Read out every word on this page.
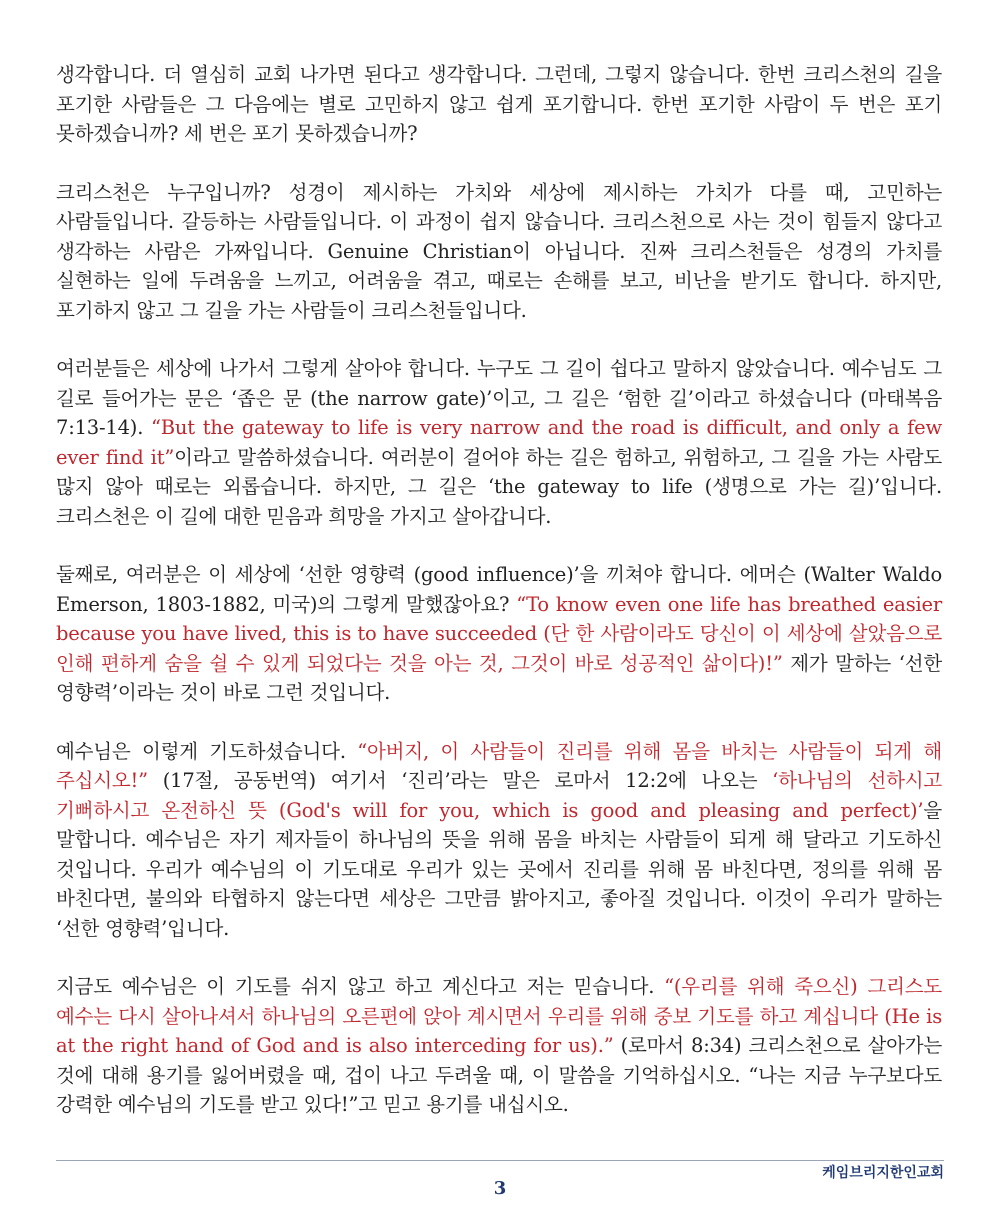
생각합니다. 더 열심히 교회 나가면 된다고 생각합니다. 그런데, 그렇지 않습니다. 한번 크리스천의 길을 포기한 사람들은 그 다음에는 별로 고민하지 않고 쉽게 포기합니다. 한번 포기한 사람이 두 번은 포기 못하겠습니까? 세 번은 포기 못하겠습니까?

크리스천은 누구입니까? 성경이 제시하는 가치와 세상에 제시하는 가치가 다를 때, 고민하는 사람들입니다. 갈등하는 사람들입니다. 이 과정이 쉽지 않습니다. 크리스천으로 사는 것이 힘들지 않다고 생각하는 사람은 가짜입니다. Genuine Christian이 아닙니다. 진짜 크리스천들은 성경의 가치를 실현하는 일에 두려움을 느끼고, 어려움을 겪고, 때로는 손해를 보고, 비난을 받기도 합니다. 하지만, 포기하지 않고 그 길을 가는 사람들이 크리스천들입니다.

여러분들은 세상에 나가서 그렇게 살아야 합니다. 누구도 그 길이 쉽다고 말하지 않았습니다. 예수님도 그 길로 들어가는 문은 ‘좁은 문 (the narrow gate)’이고, 그 길은 ‘험한 길’이라고 하셨습니다 (마태복음 7:13-14). “But the gateway to life is very narrow and the road is difficult, and only a few ever find it”이라고 말씀하셨습니다. 여러분이 걸어야 하는 길은 험하고, 위험하고, 그 길을 가는 사람도 많지 않아 때로는 외롭습니다. 하지만, 그 길은 ‘the gateway to life (생명으로 가는 길)’입니다. 크리스천은 이 길에 대한 믿음과 희망을 가지고 살아갑니다.

둘째로, 여러분은 이 세상에 ‘선한 영향력 (good influence)’을 끼쳐야 합니다. 에머슨 (Walter Waldo Emerson, 1803-1882, 미국)의 그렇게 말했잖아요? “To know even one life has breathed easier because you have lived, this is to have succeeded (단 한 사람이라도 당신이 이 세상에 살았음으로 인해 편하게 숨을 쉴 수 있게 되었다는 것을 아는 것, 그것이 바로 성공적인 삶이다)!” 제가 말하는 ‘선한 영향력’이라는 것이 바로 그런 것입니다.

예수님은 이렇게 기도하셨습니다. “아버지, 이 사람들이 진리를 위해 몸을 바치는 사람들이 되게 해 주십시오!” (17절, 공동번역) 여기서 ‘진리’라는 말은 로마서 12:2에 나오는 ‘하나님의 선하시고 기뻐하시고 온전하신 뜻 (God's will for you, which is good and pleasing and perfect)’을 말합니다. 예수님은 자기 제자들이 하나님의 뜻을 위해 몸을 바치는 사람들이 되게 해 달라고 기도하신 것입니다. 우리가 예수님의 이 기도대로 우리가 있는 곳에서 진리를 위해 몸 바친다면, 정의를 위해 몸 바친다면, 불의와 타협하지 않는다면 세상은 그만큼 밝아지고, 좋아질 것입니다. 이것이 우리가 말하는 ‘선한 영향력’입니다.

지금도 예수님은 이 기도를 쉬지 않고 하고 계신다고 저는 믿습니다. “(우리를 위해 죽으신) 그리스도 예수는 다시 살아나셔서 하나님의 오른편에 앉아 계시면서 우리를 위해 중보 기도를 하고 계십니다 (He is at the right hand of God and is also interceding for us).” (로마서 8:34) 크리스천으로 살아가는 것에 대해 용기를 잃어버렸을 때, 겁이 나고 두려울 때, 이 말씀을 기억하십시오. “나는 지금 누구보다도 강력한 예수님의 기도를 받고 있다!”고 믿고 용기를 내십시오.

케임브리지한인교회
3
